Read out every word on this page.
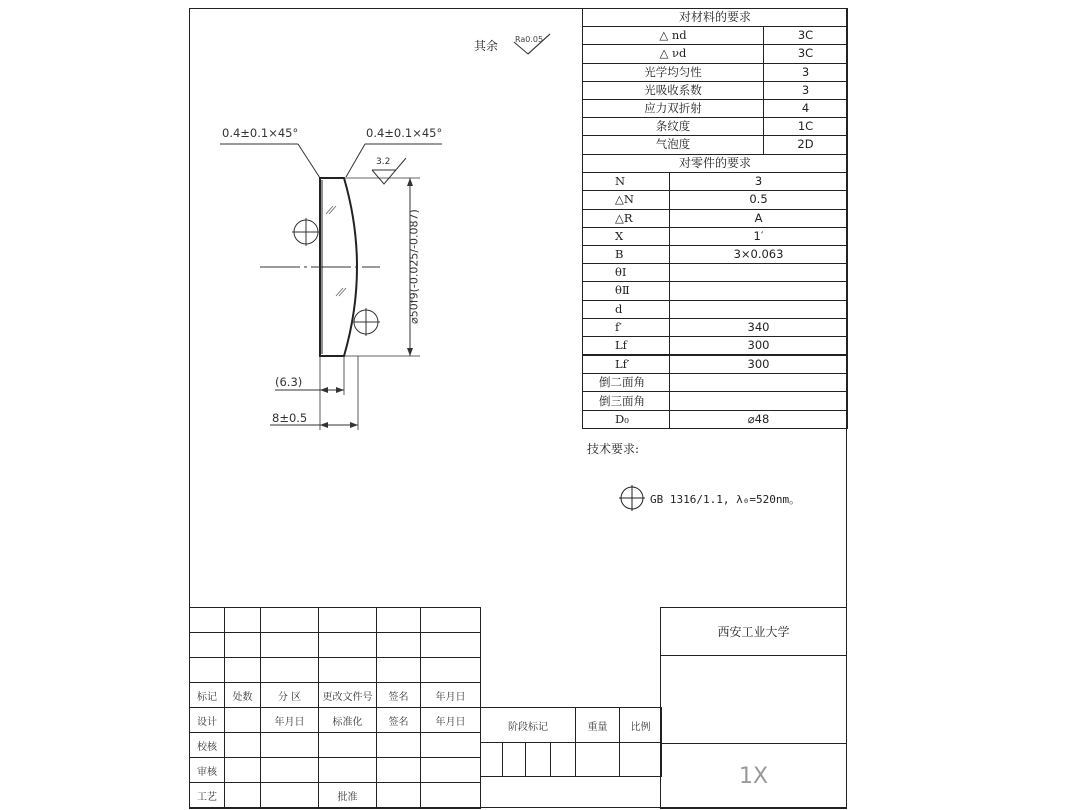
其余 Ra0.05
0.4±0.1×45°	0.4±0.1×45°
3.2
⌀50f9(-0.025/-0.087)
(6.3)
8±0.5
对材料的要求	
△ nd	3C
△ νd	3C
光学均匀性	3
光吸收系数	3
应力双折射	4
条纹度	1C
气泡度	2D
对零件的要求	
N	3
△N	0.5
△R	A
X	1′
B	3×0.063
θⅠ	
θⅡ	
d	
f′	340
Lf	300
Lf′	300
倒二面角	
倒三面角	
D₀	⌀48
技术要求:
GB 1316/1.1, λ₀=520nm。

标记	处数	分 区	更改文件号	签名	年月日
设计		年月日	标准化	签名	年月日
校核					
审核					
工艺			批准		
阶段标记				重量	比例

西安工业大学

1X
